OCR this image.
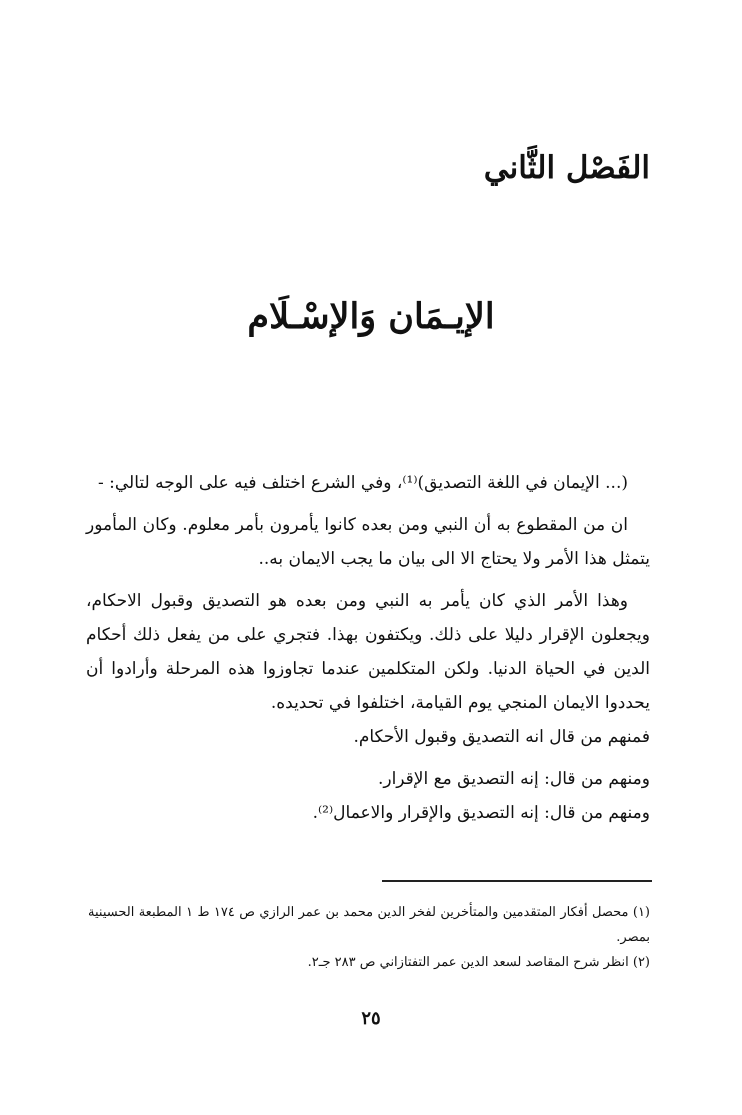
الفَصْل الثَّاني
الإيـمَان وَالإسْـلَام

(... الإيمان في اللغة التصديق)⁽¹⁾، وفي الشرع اختلف فيه على الوجه لتالي: -

ان من المقطوع به أن النبي ومن بعده كانوا يأمرون بأمر معلوم. وكان المأمور يتمثل هذا الأمر ولا يحتاج الا الى بيان ما يجب الايمان به..

وهذا الأمر الذي كان يأمر به النبي ومن بعده هو التصديق وقبول الاحكام، ويجعلون الإقرار دليلا على ذلك. ويكتفون بهذا. فتجري على من يفعل ذلك أحكام الدين في الحياة الدنيا. ولكن المتكلمين عندما تجاوزوا هذه المرحلة وأرادوا أن يحددوا الايمان المنجي يوم القيامة، اختلفوا في تحديده.

فمنهم من قال انه التصديق وقبول الأحكام.

ومنهم من قال: إنه التصديق مع الإقرار.

ومنهم من قال: إنه التصديق والإقرار والاعمال⁽²⁾.

(١) محصل أفكار المتقدمين والمتأخرين لفخر الدين محمد بن عمر الرازي ص ١٧٤ ط ١ المطبعة الحسينية بمصر.

(٢) انظر شرح المقاصد لسعد الدين عمر التفتازاني ص ٢٨٣ جـ٢.

٢٥
